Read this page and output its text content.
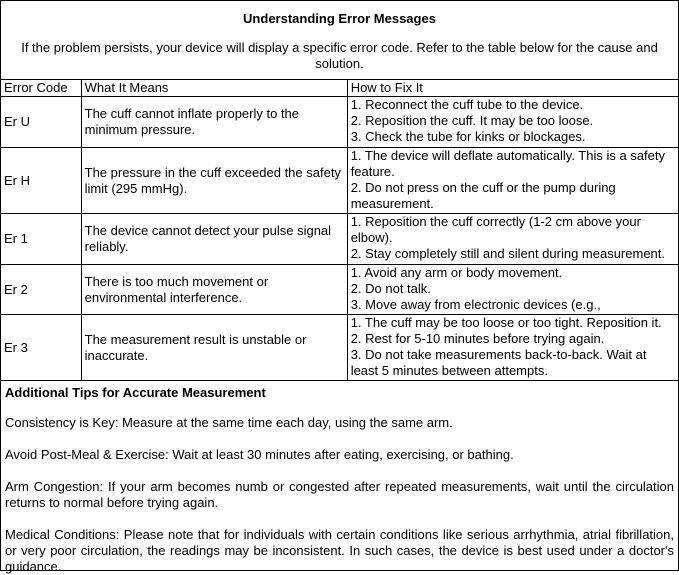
Understanding Error Messages
If the problem persists, your device will display a specific error code. Refer to the table below for the cause and solution.
Error Code	What It Means	How to Fix It
Er U	The cuff cannot inflate properly to the minimum pressure.	1. Reconnect the cuff tube to the device.
2. Reposition the cuff. It may be too loose.
3. Check the tube for kinks or blockages.

Er H	The pressure in the cuff exceeded the safety limit (295 mmHg).	1. The device will deflate automatically. This is a safety feature.
2. Do not press on the cuff or the pump during measurement.

Er 1	The device cannot detect your pulse signal reliably.	1. Reposition the cuff correctly (1-2 cm above your elbow).
2. Stay completely still and silent during measurement.

Er 2	There is too much movement or environmental interference.	1. Avoid any arm or body movement.
2. Do not talk.
3. Move away from electronic devices (e.g.,

Er 3	The measurement result is unstable or inaccurate.	1. The cuff may be too loose or too tight. Reposition it.
2. Rest for 5-10 minutes before trying again.
3. Do not take measurements back-to-back. Wait at least 5 minutes between attempts.
Additional Tips for Accurate Measurement

Consistency is Key: Measure at the same time each day, using the same arm.

Avoid Post-Meal & Exercise: Wait at least 30 minutes after eating, exercising, or bathing.

Arm Congestion: If your arm becomes numb or congested after repeated measurements, wait until the circulation returns to normal before trying again.

Medical Conditions: Please note that for individuals with certain conditions like serious arrhythmia, atrial fibrillation, or very poor circulation, the readings may be inconsistent. In such cases, the device is best used under a doctor's guidance.
